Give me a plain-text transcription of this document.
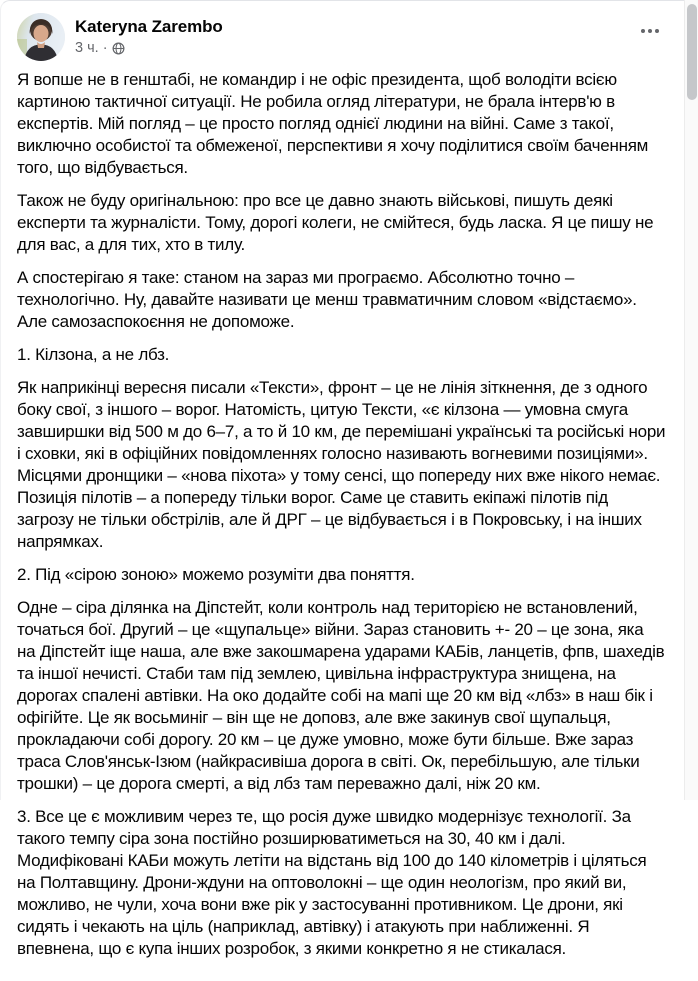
Kateryna Zarembo
3 ч. ·

Я вопше не в генштабі, не командир і не офіс президента, щоб володіти всією картиною тактичної ситуації. Не робила огляд літератури, не брала інтерв'ю в експертів. Мій погляд – це просто погляд однієї людини на війні. Саме з такої, виключно особистої та обмеженої, перспективи я хочу поділитися своїм баченням того, що відбувається.

Також не буду оригінальною: про все це давно знають військові, пишуть деякі експерти та журналісти. Тому, дорогі колеги, не смійтеся, будь ласка. Я це пишу не для вас, а для тих, хто в тилу.

А спостерігаю я таке: станом на зараз ми програємо. Абсолютно точно – технологічно. Ну, давайте називати це менш травматичним словом «відстаємо». Але самозаспокоєння не допоможе.

1. Кілзона, а не лбз.

Як наприкінці вересня писали «Тексти», фронт – це не лінія зіткнення, де з одного боку свої, з іншого – ворог. Натомість, цитую Тексти, «є кілзона — умовна смуга завширшки від 500 м до 6–7, а то й 10 км, де перемішані українські та російські нори і сховки, які в офіційних повідомленнях голосно називають вогневими позиціями». Місцями дронщики – «нова піхота» у тому сенсі, що попереду них вже нікого немає. Позиція пілотів – а попереду тільки ворог. Саме це ставить екіпажі пілотів під загрозу не тільки обстрілів, але й ДРГ – це відбувається і в Покровську, і на інших напрямках.

2. Під «сірою зоною» можемо розуміти два поняття.

Одне – сіра ділянка на Діпстейт, коли контроль над територією не встановлений, точаться бої. Другий – це «щупальце» війни. Зараз становить +- 20 – це зона, яка на Діпстейт іще наша, але вже закошмарена ударами КАБів, ланцетів, фпв, шахедів та іншої нечисті. Стаби там під землею, цивільна інфраструктура знищена, на дорогах спалені автівки. На око додайте собі на мапі ще 20 км від «лбз» в наш бік і офігійте. Це як восьминіг – він ще не доповз, але вже закинув свої щупальця, прокладаючи собі дорогу. 20 км – це дуже умовно, може бути більше. Вже зараз траса Слов'янськ-Ізюм (найкрасивіша дорога в світі. Ок, перебільшую, але тільки трошки) – це дорога смерті, а від лбз там переважно далі, ніж 20 км.

3. Все це є можливим через те, що росія дуже швидко модернізує технології. За такого темпу сіра зона постійно розширюватиметься на 30, 40 км і далі. Модифіковані КАБи можуть летіти на відстань від 100 до 140 кілометрів і ціляться на Полтавщину. Дрони-ждуни на оптоволокні – ще один неологізм, про який ви, можливо, не чули, хоча вони вже рік у застосуванні противником. Це дрони, які сидять і чекають на ціль (наприклад, автівку) і атакують при наближенні. Я впевнена, що є купа інших розробок, з якими конкретно я не стикалася.
